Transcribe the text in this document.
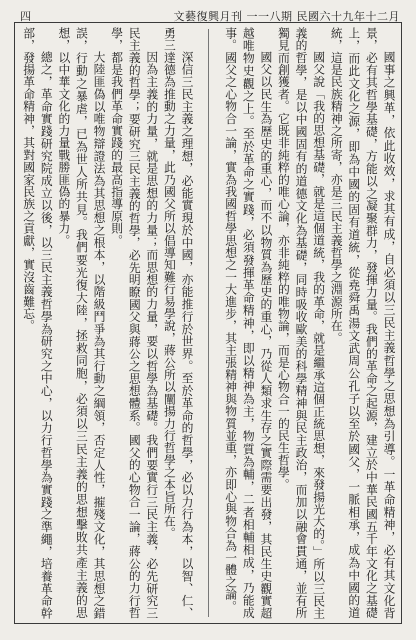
四	文藝復興月刊 一一八期 民國六十九年十二月

國事之興革，依此收效，求其有成，自必須以三民主義哲學之思想為引導。一革命精神，必有其文化背景，必有其哲學基礎，方能以之凝聚群力，發揮力量。我們的革命之起源，建立於中華民國五千年文化之基礎上，而此文化之源，即為中國的固有道統，從堯舜禹湯文武周公孔子以至於國父，一脈相承，成為中國的道統，這是民族精神之所寄，亦是三民主義哲學之淵源所在。

國父說「我的思想基礎，就是這個道統，我的革命，就是繼承這個正統思想，來發揚光大的。」所以三民主義的哲學，是以中國固有的道德文化為基礎，同時吸收歐美的科學精神與民主政治，而加以融會貫通，並有所獨見而創獲者。它既非純粹的唯心論，亦非純粹的唯物論，而是心物合一的民生哲學。

國父以民生為歷史的重心，而不以物質為歷史的重心，乃從人類求生存之實際需要出發，其民生史觀實超越唯物史觀之上。至於革命之實踐，必須發揮革命精神，即以精神為主，物質為輔，二者相輔相成，乃能成事。國父之心物合一論，實為我國哲學思想之一大進步，其主張精神與物質並重，亦即心與物合為一體之論。

深信三民主義之理想，必能實現於中國，亦能推行於世界。至於革命的哲學，必以力行為本，以智、仁、勇三達德為推動之力量，此乃國父所以倡導知難行易學說，蔣公所以闡揚力行哲學之本旨所在。

因為主義的力量，就是思想的力量；而思想的力量，要以哲學為基礎。我們要實行三民主義，必先研究三民主義的哲學；要研究三民主義的哲學，必先明瞭國父與蔣公之思想體系。國父的心物合一論，蔣公的力行哲學，都是我們革命實踐的最高指導原則。

大陸匪偽以唯物辯證法為其思想之根本，以階級鬥爭為其行動之綱領，否定人性，摧殘文化，其思想之錯誤，行動之暴虐，已為世人所共見。我們要光復大陸，拯救同胞，必須以三民主義的思想擊敗共產主義的思想，以中華文化的力量戰勝匪偽的暴力。

總之，革命實踐研究院成立以後，以三民主義哲學為研究之中心，以力行哲學為實踐之準繩，培養革命幹部，發揚革命精神，其對國家民族之貢獻，實沒齒難忘。
